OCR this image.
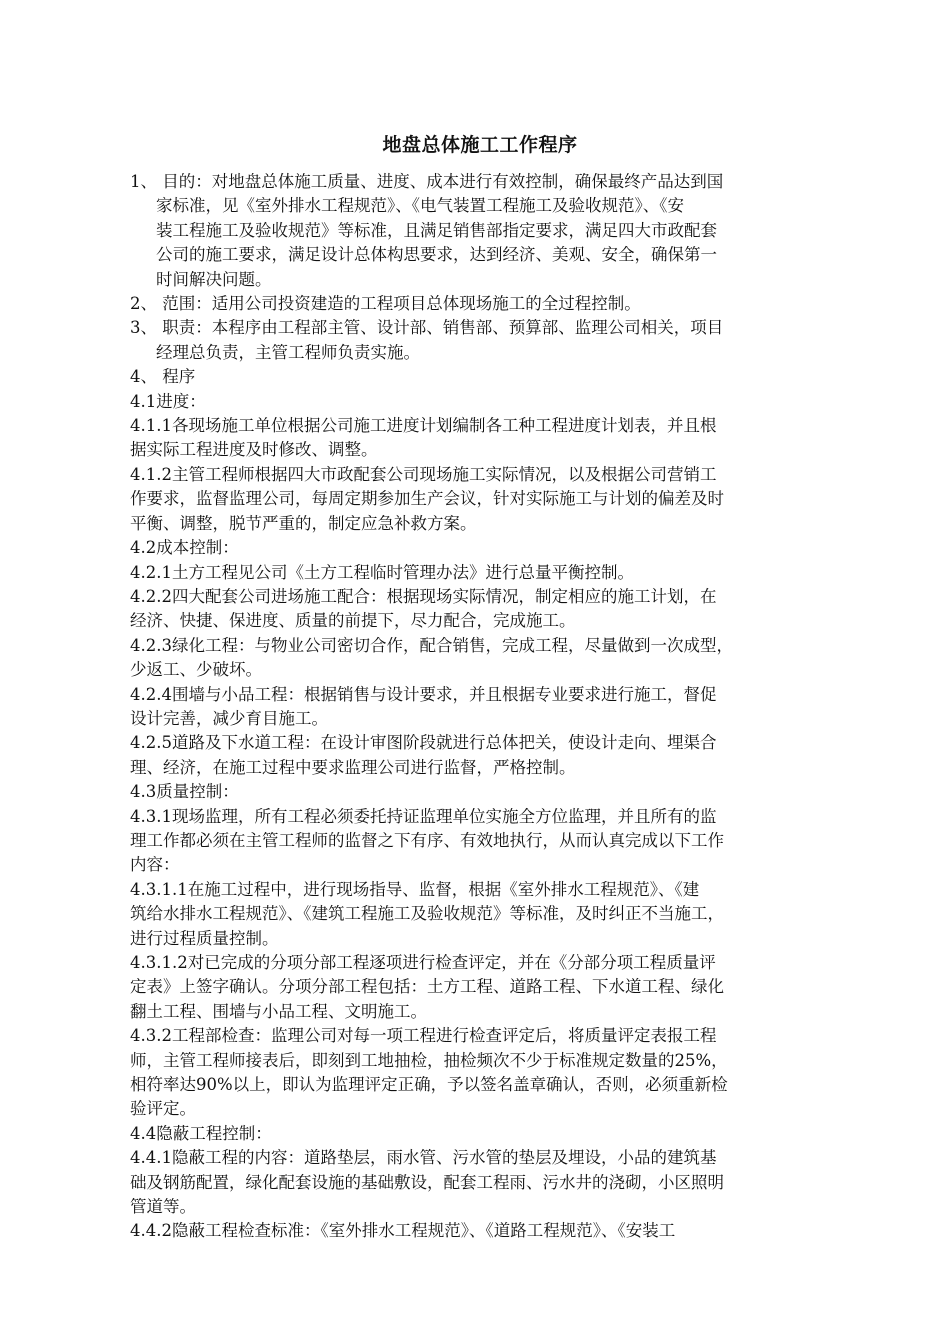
地盘总体施工工作程序
1、 目的：对地盘总体施工质量、进度、成本进行有效控制，确保最终产品达到国
家标准，见《室外排水工程规范》、《电气装置工程施工及验收规范》、《安
装工程施工及验收规范》等标准，且满足销售部指定要求，满足四大市政配套
公司的施工要求，满足设计总体构思要求，达到经济、美观、安全，确保第一
时间解决问题。
2、 范围：适用公司投资建造的工程项目总体现场施工的全过程控制。
3、 职责：本程序由工程部主管、设计部、销售部、预算部、监理公司相关，项目
经理总负责，主管工程师负责实施。
4、 程序
4.1进度：
4.1.1各现场施工单位根据公司施工进度计划编制各工种工程进度计划表，并且根
据实际工程进度及时修改、调整。
4.1.2主管工程师根据四大市政配套公司现场施工实际情况，以及根据公司营销工
作要求，监督监理公司，每周定期参加生产会议，针对实际施工与计划的偏差及时
平衡、调整，脱节严重的，制定应急补救方案。
4.2成本控制：
4.2.1土方工程见公司《土方工程临时管理办法》进行总量平衡控制。
4.2.2四大配套公司进场施工配合：根据现场实际情况，制定相应的施工计划，在
经济、快捷、保进度、质量的前提下，尽力配合，完成施工。
4.2.3绿化工程：与物业公司密切合作，配合销售，完成工程，尽量做到一次成型，
少返工、少破坏。
4.2.4围墙与小品工程：根据销售与设计要求，并且根据专业要求进行施工，督促
设计完善，减少育目施工。
4.2.5道路及下水道工程：在设计审图阶段就进行总体把关，使设计走向、埋渠合
理、经济，在施工过程中要求监理公司进行监督，严格控制。
4.3质量控制：
4.3.1现场监理，所有工程必须委托持证监理单位实施全方位监理，并且所有的监
理工作都必须在主管工程师的监督之下有序、有效地执行，从而认真完成以下工作
内容：
4.3.1.1在施工过程中，进行现场指导、监督，根据《室外排水工程规范》、《建
筑给水排水工程规范》、《建筑工程施工及验收规范》等标准，及时纠正不当施工，
进行过程质量控制。
4.3.1.2对已完成的分项分部工程逐项进行检查评定，并在《分部分项工程质量评
定表》上签字确认。分项分部工程包括：土方工程、道路工程、下水道工程、绿化
翻土工程、围墙与小品工程、文明施工。
4.3.2工程部检查：监理公司对每一项工程进行检查评定后，将质量评定表报工程
师，主管工程师接表后，即刻到工地抽检，抽检频次不少于标准规定数量的25%，
相符率达90%以上，即认为监理评定正确，予以签名盖章确认，否则，必须重新检
验评定。
4.4隐蔽工程控制：
4.4.1隐蔽工程的内容：道路垫层，雨水管、污水管的垫层及埋设，小品的建筑基
础及钢筋配置，绿化配套设施的基础敷设，配套工程雨、污水井的浇砌，小区照明
管道等。
4.4.2隐蔽工程检查标准：《室外排水工程规范》、《道路工程规范》、《安装工
